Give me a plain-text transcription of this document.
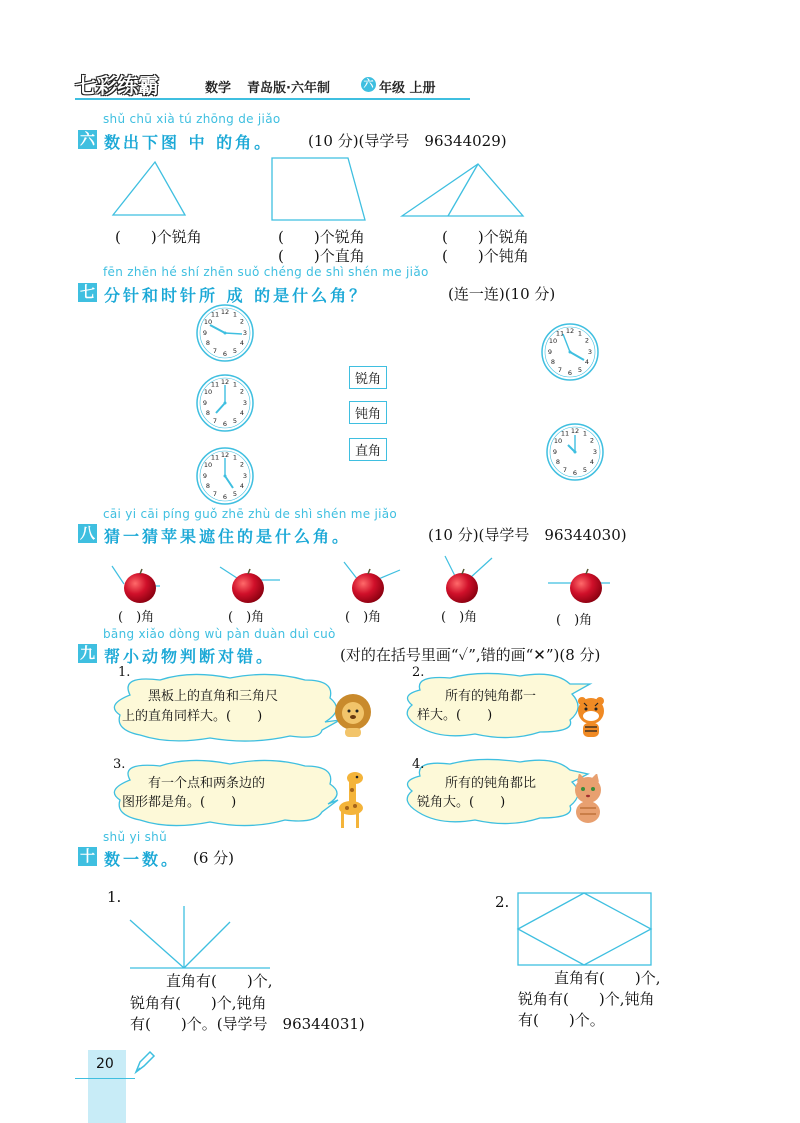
七彩练霸	数学 青岛版·六年制	六 年级 上册
shǔ chū xià tú zhōng de jiǎo
六 数出下图 中 的角。 (10 分)(导学号　96344029)
(　　)个锐角	(　　)个锐角
(　　)个直角
(　　)个锐角
(　　)个钝角
fēn zhēn hé shí zhēn suǒ chéng de shì shén me jiǎo
七 分针和时针所 成 的是什么角？	(连一连)(10 分)
锐角
钝角
直角
cāi yi cāi píng guǒ zhē zhù de shì shén me jiǎo
八 猜一猜苹果遮住的是什么角。	(10 分)(导学号　96344030)
(　)角	(　)角	(　)角	(　)角	(　)角
bāng xiǎo dòng wù pàn duàn duì cuò
九 帮小动物判断对错。	(对的在括号里画“✓”,错的画“✕”)(8 分)
1.
黑板上的直角和三角尺
上的直角同样大。(　　)
2.
所有的钝角都一
样大。(　　)
3.
有一个点和两条边的
图形都是角。(　　)
4.
所有的钝角都比
锐角大。(　　)
shǔ yi shǔ
十 数一数。 (6 分)
1.
直角有(　　)个,
锐角有(　　)个,钝角
有(　　)个。(导学号　96344031)
2.
直角有(　　)个,
锐角有(　　)个,钝角
有(　　)个。
20
